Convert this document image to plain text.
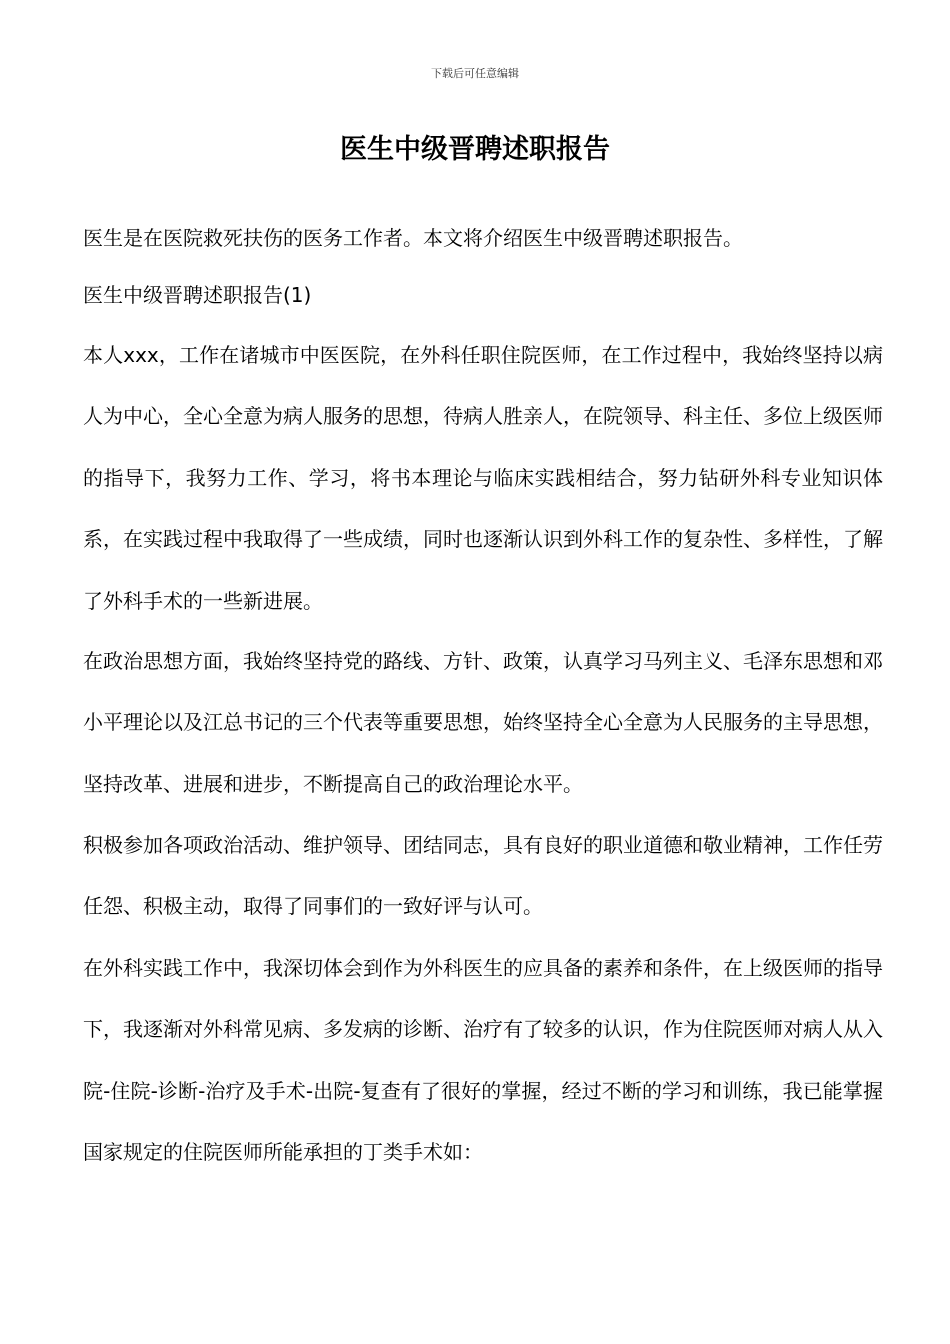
下载后可任意编辑
医生中级晋聘述职报告

医生是在医院救死扶伤的医务工作者。本文将介绍医生中级晋聘述职报告。

医生中级晋聘述职报告(1)

本人xxx，工作在诸城市中医医院，在外科任职住院医师，在工作过程中，我始终坚持以病人为中心，全心全意为病人服务的思想，待病人胜亲人，在院领导、科主任、多位上级医师的指导下，我努力工作、学习，将书本理论与临床实践相结合，努力钻研外科专业知识体系，在实践过程中我取得了一些成绩，同时也逐渐认识到外科工作的复杂性、多样性，了解了外科手术的一些新进展。

在政治思想方面，我始终坚持党的路线、方针、政策，认真学习马列主义、毛泽东思想和邓小平理论以及江总书记的三个代表等重要思想，始终坚持全心全意为人民服务的主导思想，坚持改革、进展和进步，不断提高自己的政治理论水平。

积极参加各项政治活动、维护领导、团结同志，具有良好的职业道德和敬业精神，工作任劳任怨、积极主动，取得了同事们的一致好评与认可。

在外科实践工作中，我深切体会到作为外科医生的应具备的素养和条件，在上级医师的指导下，我逐渐对外科常见病、多发病的诊断、治疗有了较多的认识，作为住院医师对病人从入院-住院-诊断-治疗及手术-出院-复查有了很好的掌握，经过不断的学习和训练，我已能掌握国家规定的住院医师所能承担的丁类手术如：
